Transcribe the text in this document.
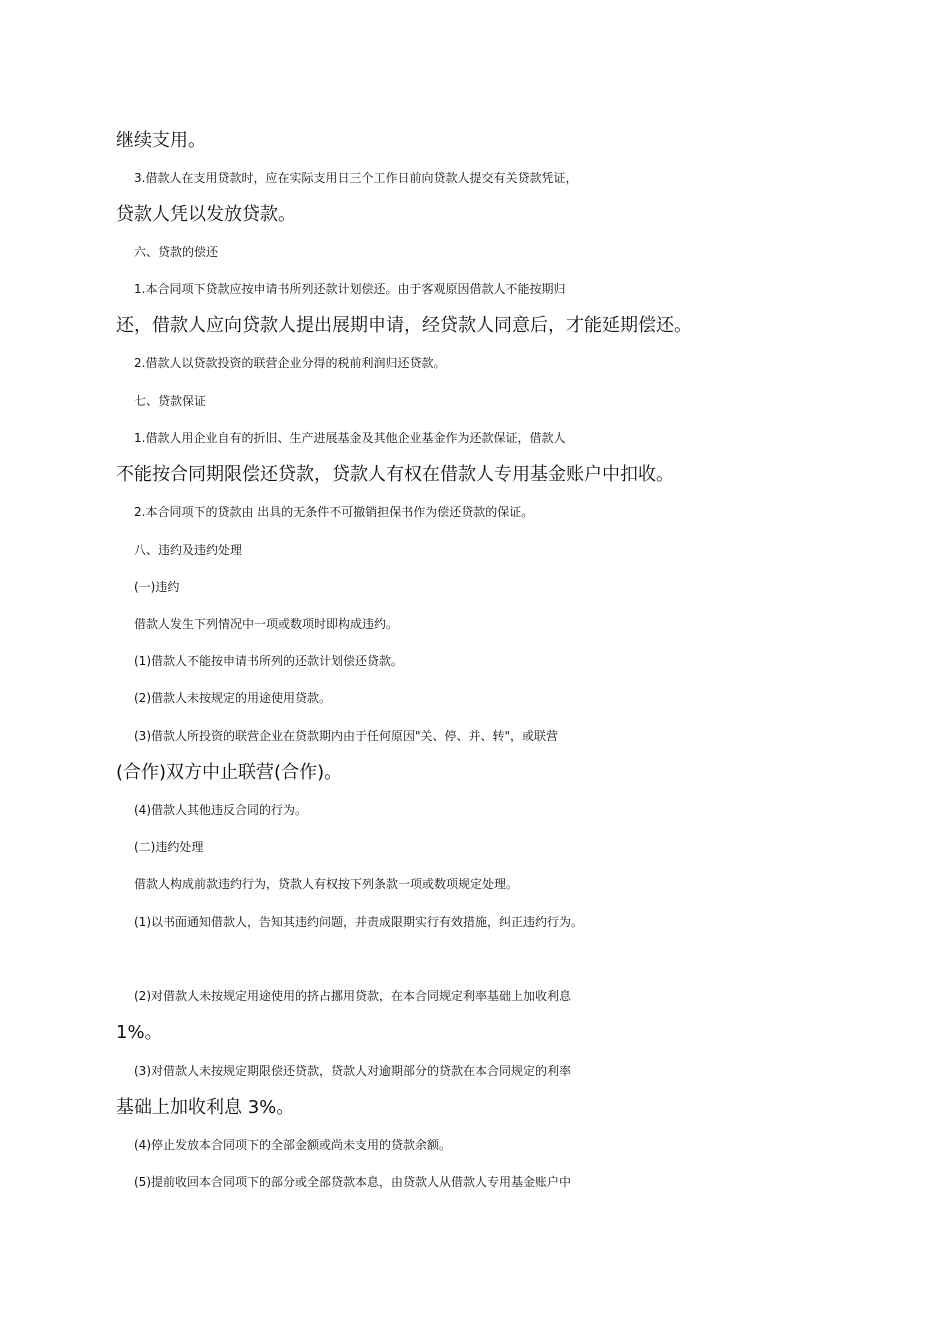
继续支用。

3.借款人在支用贷款时，应在实际支用日三个工作日前向贷款人提交有关贷款凭证，

贷款人凭以发放贷款。

六、贷款的偿还

1.本合同项下贷款应按申请书所列还款计划偿还。由于客观原因借款人不能按期归

还，借款人应向贷款人提出展期申请，经贷款人同意后，才能延期偿还。

2.借款人以贷款投资的联营企业分得的税前利润归还贷款。

七、贷款保证

1.借款人用企业自有的折旧、生产进展基金及其他企业基金作为还款保证，借款人

不能按合同期限偿还贷款，贷款人有权在借款人专用基金账户中扣收。

2.本合同项下的贷款由 出具的无条件不可撤销担保书作为偿还贷款的保证。

八、违约及违约处理

(一)违约

借款人发生下列情况中一项或数项时即构成违约。

(1)借款人不能按申请书所列的还款计划偿还贷款。

(2)借款人未按规定的用途使用贷款。

(3)借款人所投资的联营企业在贷款期内由于任何原因"关、停、并、转"，或联营

(合作)双方中止联营(合作)。

(4)借款人其他违反合同的行为。

(二)违约处理

借款人构成前款违约行为，贷款人有权按下列条款一项或数项规定处理。

(1)以书面通知借款人，告知其违约问题，并责成限期实行有效措施，纠正违约行为。

(2)对借款人未按规定用途使用的挤占挪用贷款，在本合同规定利率基础上加收利息

1%。

(3)对借款人未按规定期限偿还贷款，贷款人对逾期部分的贷款在本合同规定的利率

基础上加收利息 3%。

(4)停止发放本合同项下的全部金额或尚未支用的贷款余额。

(5)提前收回本合同项下的部分或全部贷款本息，由贷款人从借款人专用基金账户中
